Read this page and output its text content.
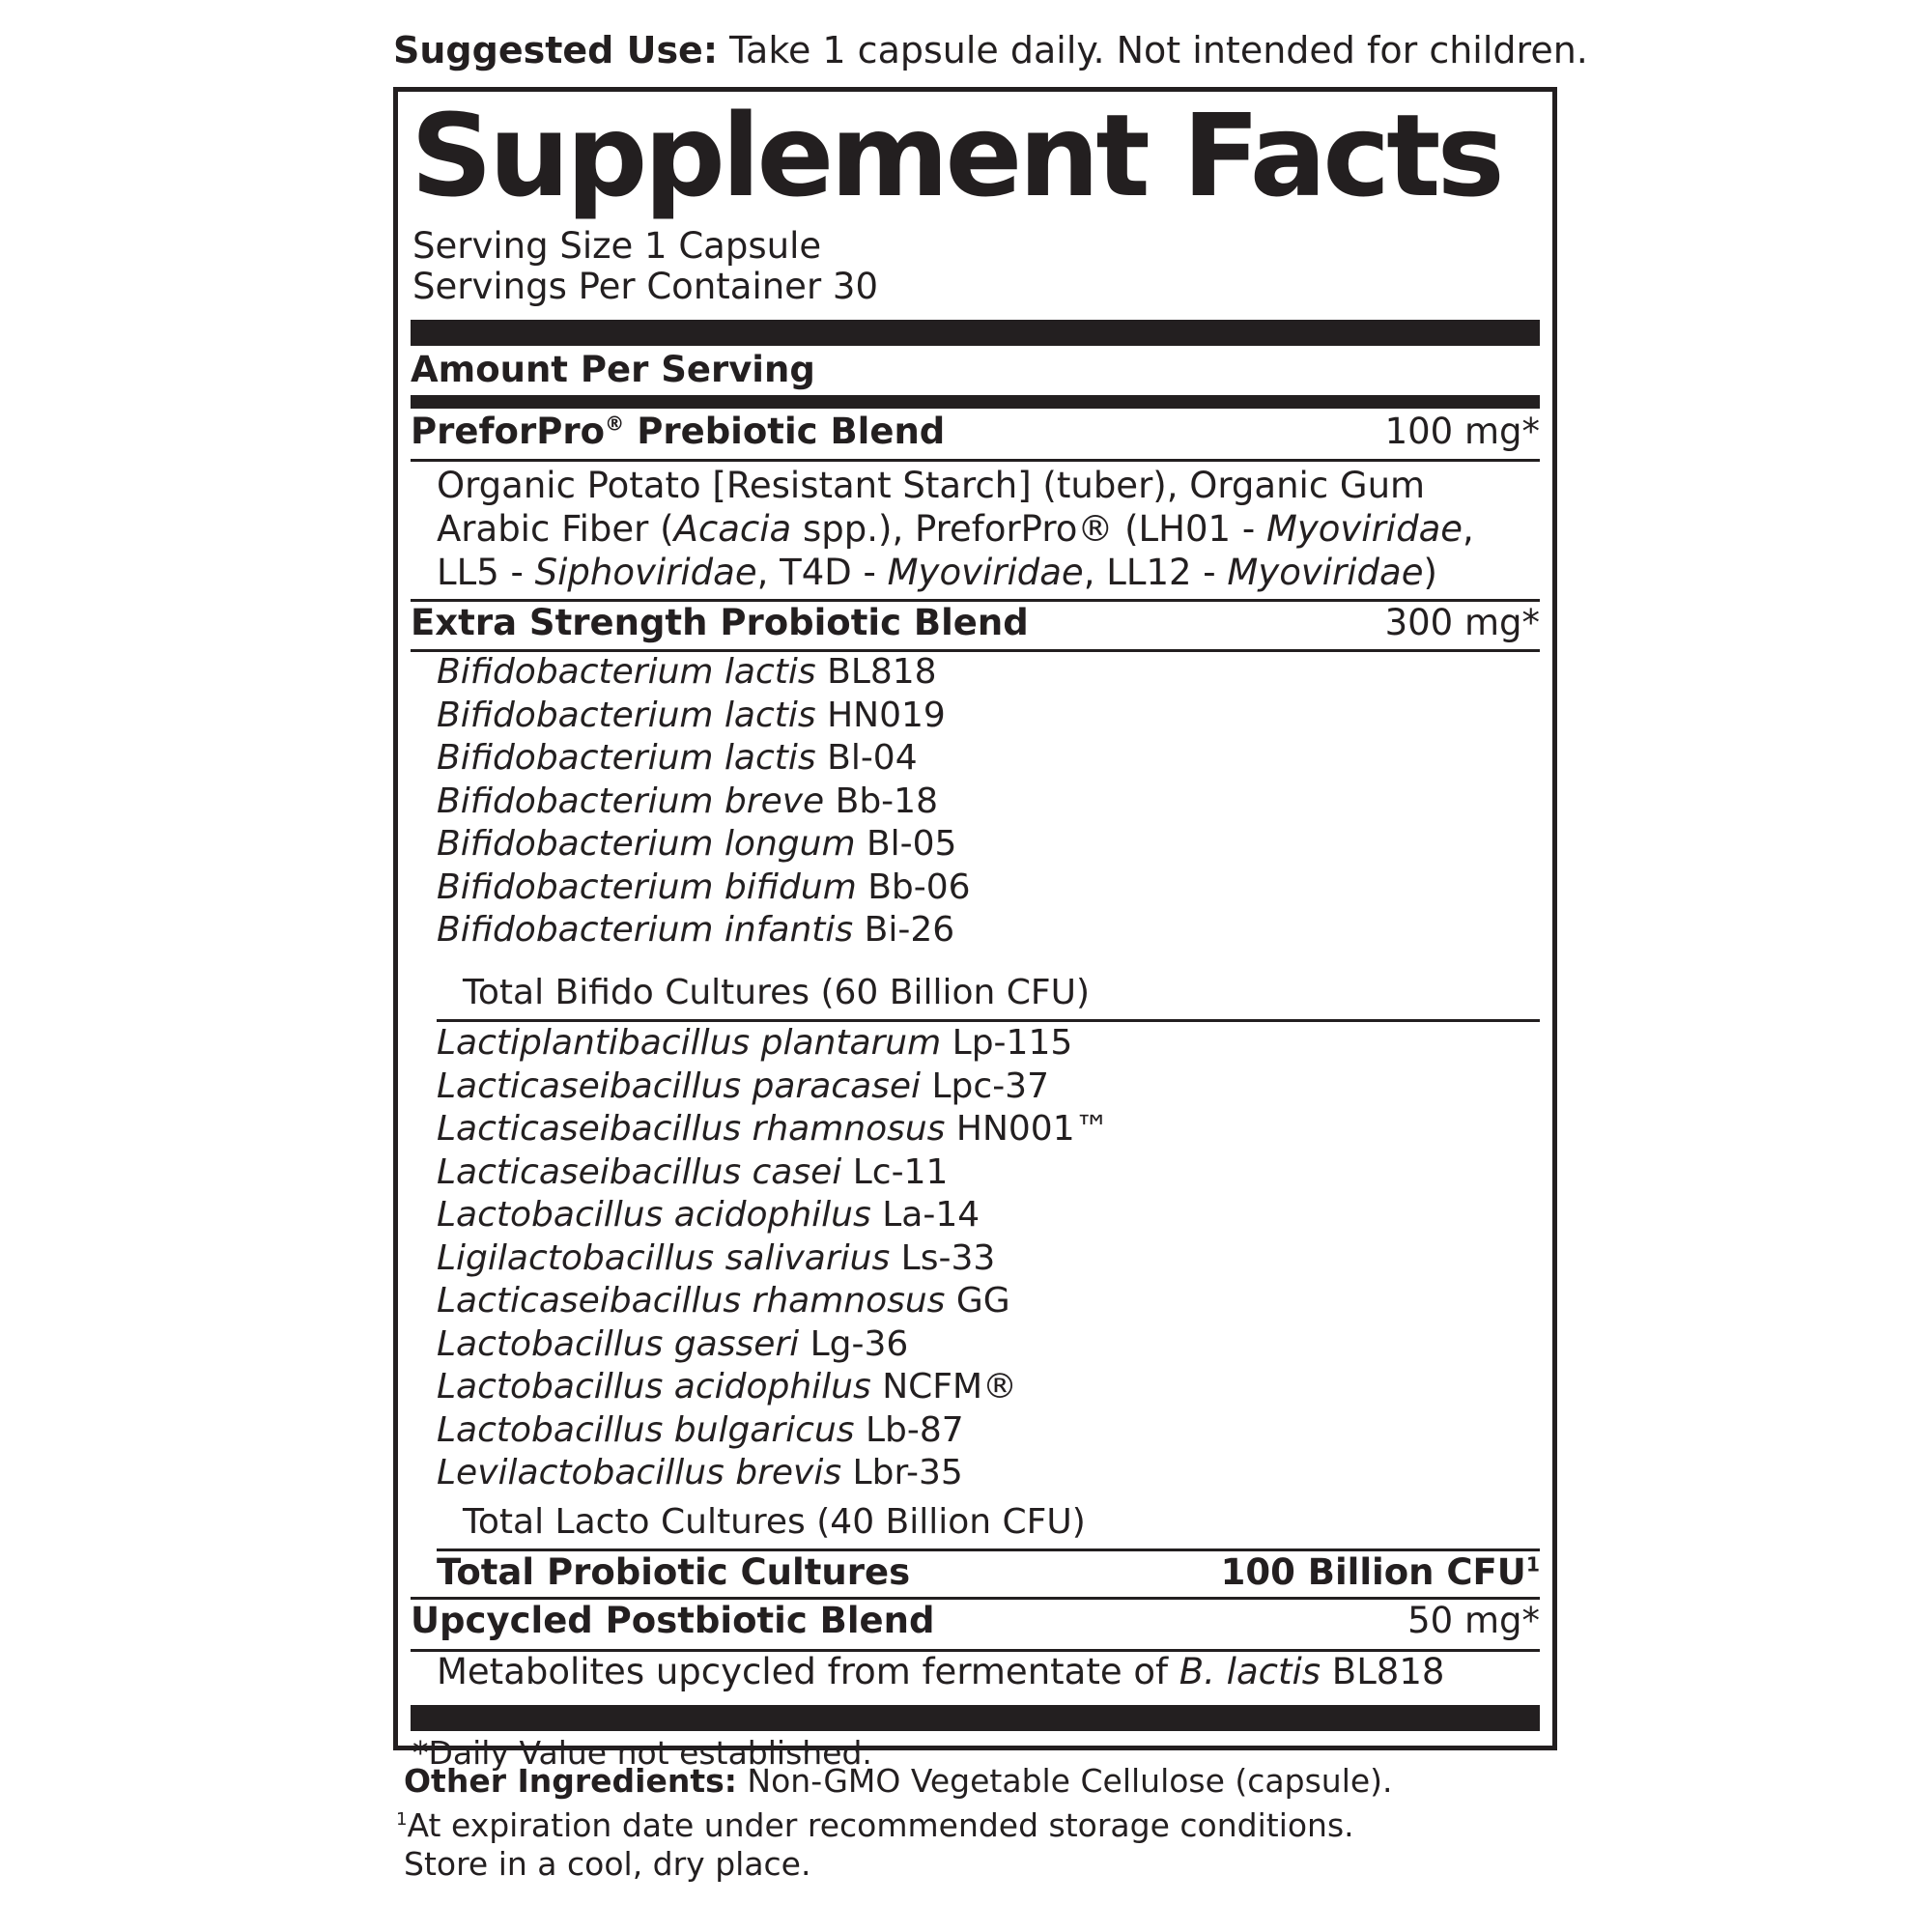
Suggested Use: Take 1 capsule daily. Not intended for children.
Supplement Facts
Serving Size 1 Capsule
Servings Per Container 30
Amount Per Serving
PreforPro® Prebiotic Blend	100 mg*
Organic Potato [Resistant Starch] (tuber), Organic Gum
Arabic Fiber (Acacia spp.), PreforPro® (LH01 - Myoviridae,
LL5 - Siphoviridae, T4D - Myoviridae, LL12 - Myoviridae)
Extra Strength Probiotic Blend	300 mg*
Bifidobacterium lactis BL818
Bifidobacterium lactis HN019
Bifidobacterium lactis Bl-04
Bifidobacterium breve Bb-18
Bifidobacterium longum Bl-05
Bifidobacterium bifidum Bb-06
Bifidobacterium infantis Bi-26
Total Bifido Cultures (60 Billion CFU)
Lactiplantibacillus plantarum Lp-115
Lacticaseibacillus paracasei Lpc-37
Lacticaseibacillus rhamnosus HN001™
Lacticaseibacillus casei Lc-11
Lactobacillus acidophilus La-14
Ligilactobacillus salivarius Ls-33
Lacticaseibacillus rhamnosus GG
Lactobacillus gasseri Lg-36
Lactobacillus acidophilus NCFM®
Lactobacillus bulgaricus Lb-87
Levilactobacillus brevis Lbr-35
Total Lacto Cultures (40 Billion CFU)
Total Probiotic Cultures	100 Billion CFU$^1$
Upcycled Postbiotic Blend	50 mg*
Metabolites upcycled from fermentate of B. lactis BL818
*Daily Value not established.
Other Ingredients: Non-GMO Vegetable Cellulose (capsule).
$^1$At expiration date under recommended storage conditions.
Store in a cool, dry place.
